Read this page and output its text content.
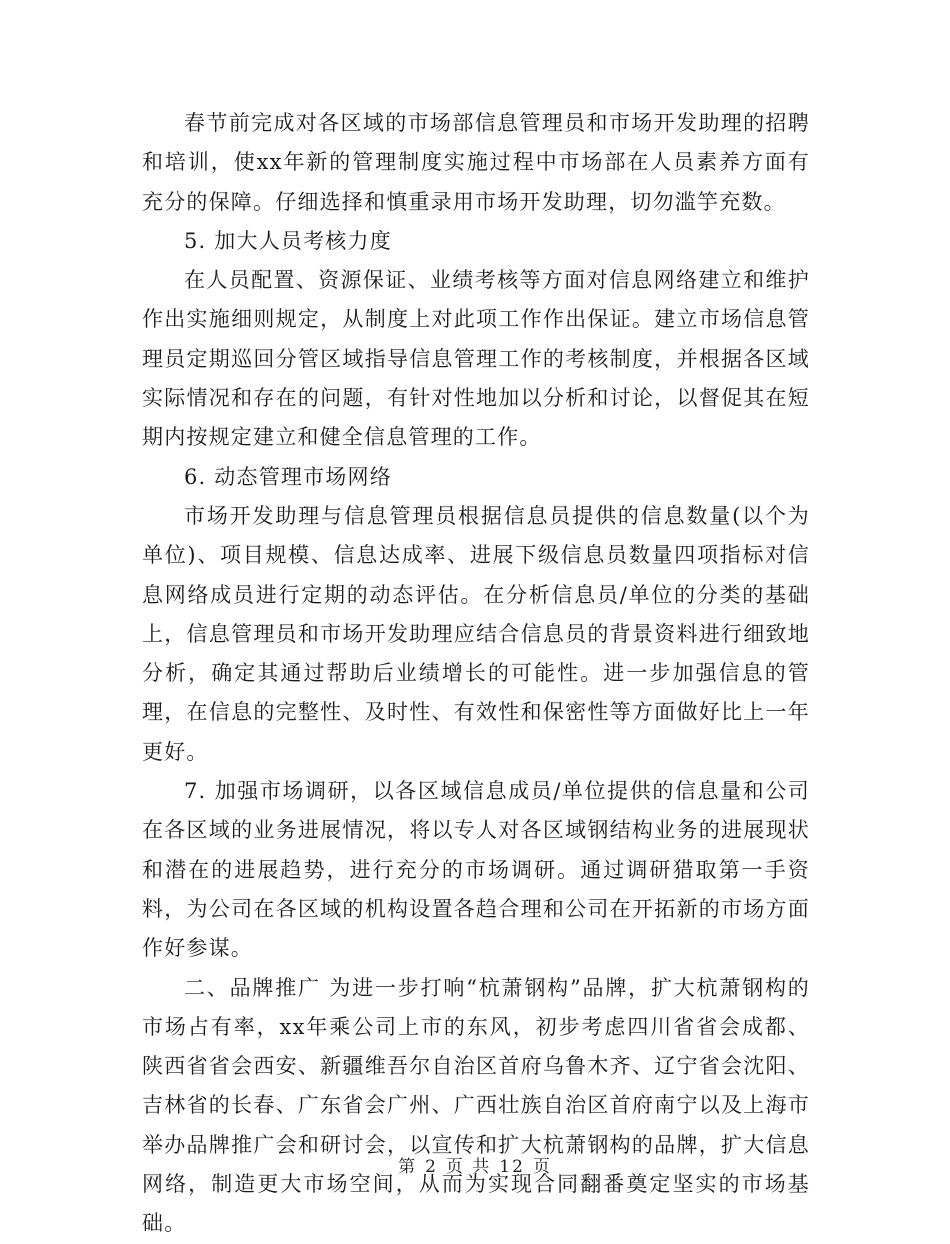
春节前完成对各区域的市场部信息管理员和市场开发助理的招聘和培训，使xx年新的管理制度实施过程中市场部在人员素养方面有充分的保障。仔细选择和慎重录用市场开发助理，切勿滥竽充数。

5. 加大人员考核力度

在人员配置、资源保证、业绩考核等方面对信息网络建立和维护作出实施细则规定，从制度上对此项工作作出保证。建立市场信息管理员定期巡回分管区域指导信息管理工作的考核制度，并根据各区域实际情况和存在的问题，有针对性地加以分析和讨论，以督促其在短期内按规定建立和健全信息管理的工作。

6. 动态管理市场网络

市场开发助理与信息管理员根据信息员提供的信息数量(以个为单位)、项目规模、信息达成率、进展下级信息员数量四项指标对信息网络成员进行定期的动态评估。在分析信息员/单位的分类的基础上，信息管理员和市场开发助理应结合信息员的背景资料进行细致地分析，确定其通过帮助后业绩增长的可能性。进一步加强信息的管理，在信息的完整性、及时性、有效性和保密性等方面做好比上一年更好。

7. 加强市场调研，以各区域信息成员/单位提供的信息量和公司在各区域的业务进展情况，将以专人对各区域钢结构业务的进展现状和潜在的进展趋势，进行充分的市场调研。通过调研猎取第一手资料，为公司在各区域的机构设置各趋合理和公司在开拓新的市场方面作好参谋。

二、品牌推广 为进一步打响“杭萧钢构”品牌，扩大杭萧钢构的市场占有率，xx年乘公司上市的东风，初步考虑四川省省会成都、陕西省省会西安、新疆维吾尔自治区首府乌鲁木齐、辽宁省会沈阳、吉林省的长春、广东省会广州、广西壮族自治区首府南宁以及上海市举办品牌推广会和研讨会，以宣传和扩大杭萧钢构的品牌，扩大信息网络，制造更大市场空间，从而为实现合同翻番奠定坚实的市场基础。

第 2 页 共 12 页
